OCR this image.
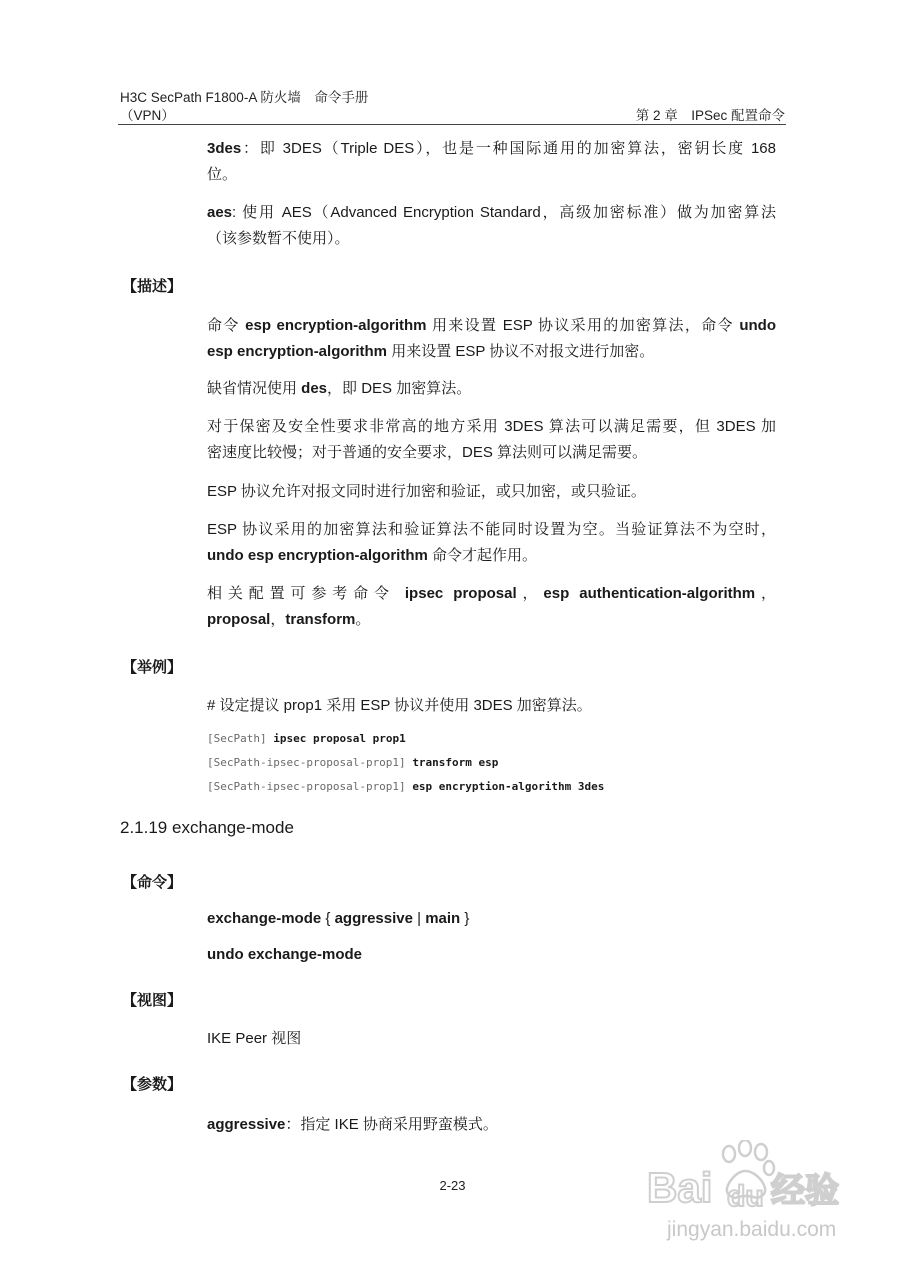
H3C SecPath F1800-A 防火墙　命令手册
（VPN）	第 2 章　IPSec 配置命令
3des：即 3DES（Triple DES），也是一种国际通用的加密算法，密钥长度 168
位。
aes: 使用 AES（Advanced Encryption Standard，高级加密标准）做为加密算法
（该参数暂不使用）。
【描述】
命令 esp encryption-algorithm 用来设置 ESP 协议采用的加密算法，命令 undo
esp encryption-algorithm 用来设置 ESP 协议不对报文进行加密。
缺省情况使用 des，即 DES 加密算法。
对于保密及安全性要求非常高的地方采用 3DES 算法可以满足需要，但 3DES 加
密速度比较慢；对于普通的安全要求，DES 算法则可以满足需要。
ESP 协议允许对报文同时进行加密和验证，或只加密，或只验证。
ESP 协议采用的加密算法和验证算法不能同时设置为空。当验证算法不为空时，
undo esp encryption-algorithm 命令才起作用。
相关配置可参考命令 ipsec proposal，esp authentication-algorithm，
proposal，transform。
【举例】
# 设定提议 prop1 采用 ESP 协议并使用 3DES 加密算法。
[SecPath] ipsec proposal prop1
[SecPath-ipsec-proposal-prop1] transform esp
[SecPath-ipsec-proposal-prop1] esp encryption-algorithm 3des
2.1.19 exchange-mode
【命令】
exchange-mode { aggressive | main }
undo exchange-mode
【视图】
IKE Peer 视图
【参数】
aggressive：指定 IKE 协商采用野蛮模式。
2-23	Bai du 经验
jingyan.baidu.com
